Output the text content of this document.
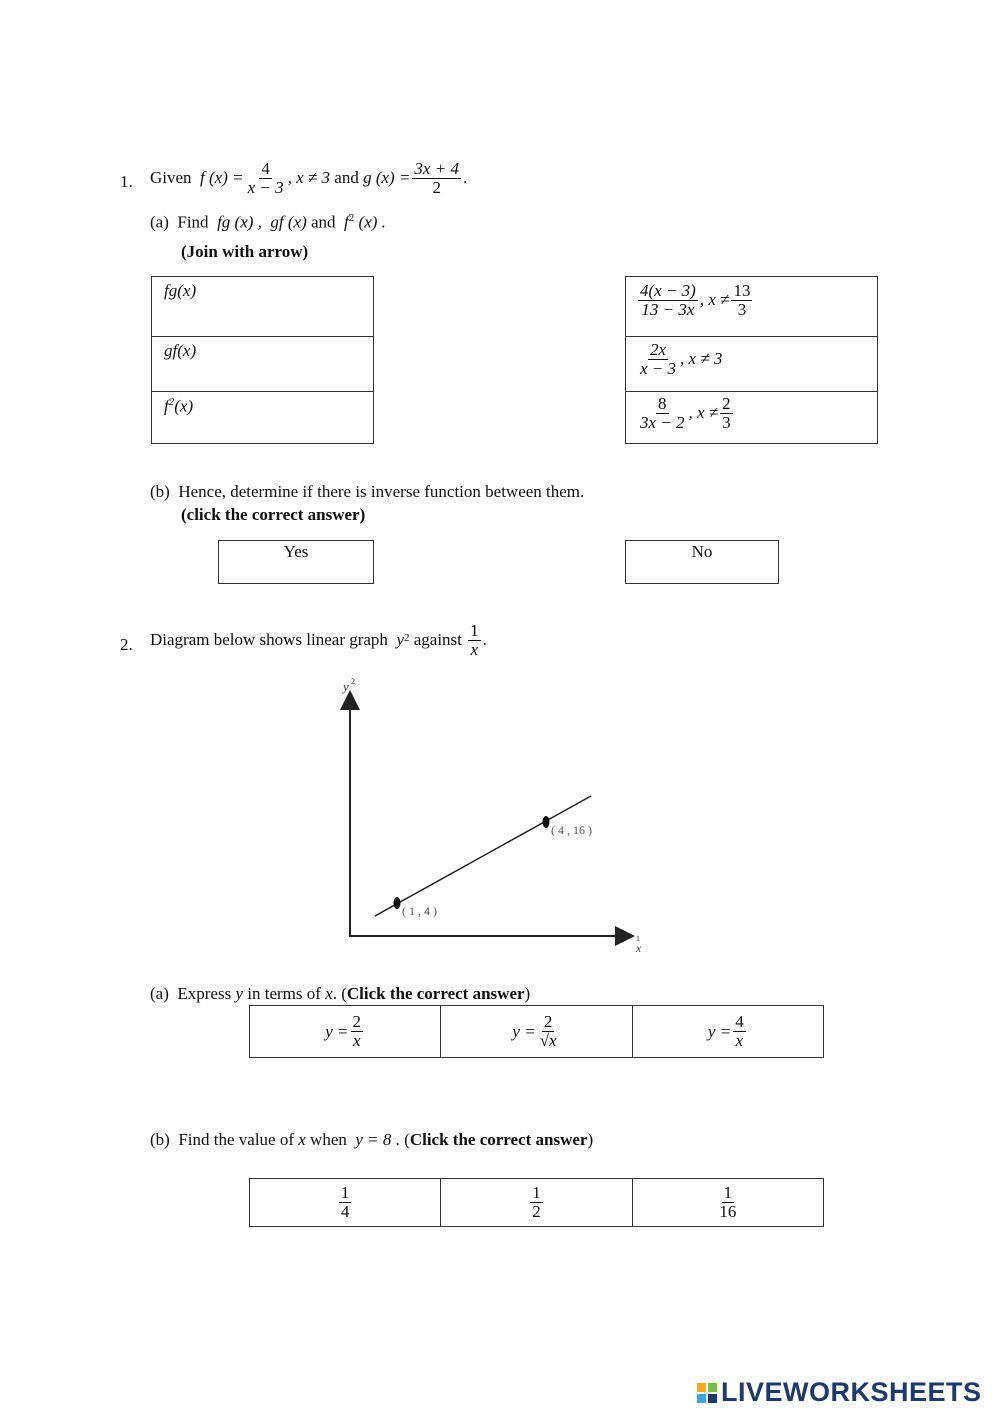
1. Given
f $(x) = \frac{4}{x - 3}$ , x ≠ 3
and
g $(x) = \frac{3x + 4}{2}$ .
(a) Find fg (x) , gf (x) and $f^2$ (x) .
(Join with arrow)
fg(x)
gf(x)
$f^2(x)$
$\frac{4(x - 3)}{13 - 3x}$ , $x \ne \frac{13}{3}$
$\frac{2x}{x - 3}$ , x ≠ 3
$\frac{8}{3x - 2}$ , $x \ne \frac{2}{3}$
(b) Hence, determine if there is inverse function between them.
(click the correct answer)
Yes	No
2. Diagram below shows linear graph
y 2
against
$\frac{1}{x}$ .
( 1 , 4 )
( 4 , 16 )
y 2
1
x
(a) Express y in terms of x. (Click the correct answer)
$y = \frac{2}{x}$	$y = \frac{2}{√x}$	$y = \frac{4}{x}$
(b) Find the value of x when y = 8 . (Click the correct answer)
$\frac{1}{4}$	$\frac{1}{2}$	$\frac{1}{16}$
LIVEWORKSHEETS
